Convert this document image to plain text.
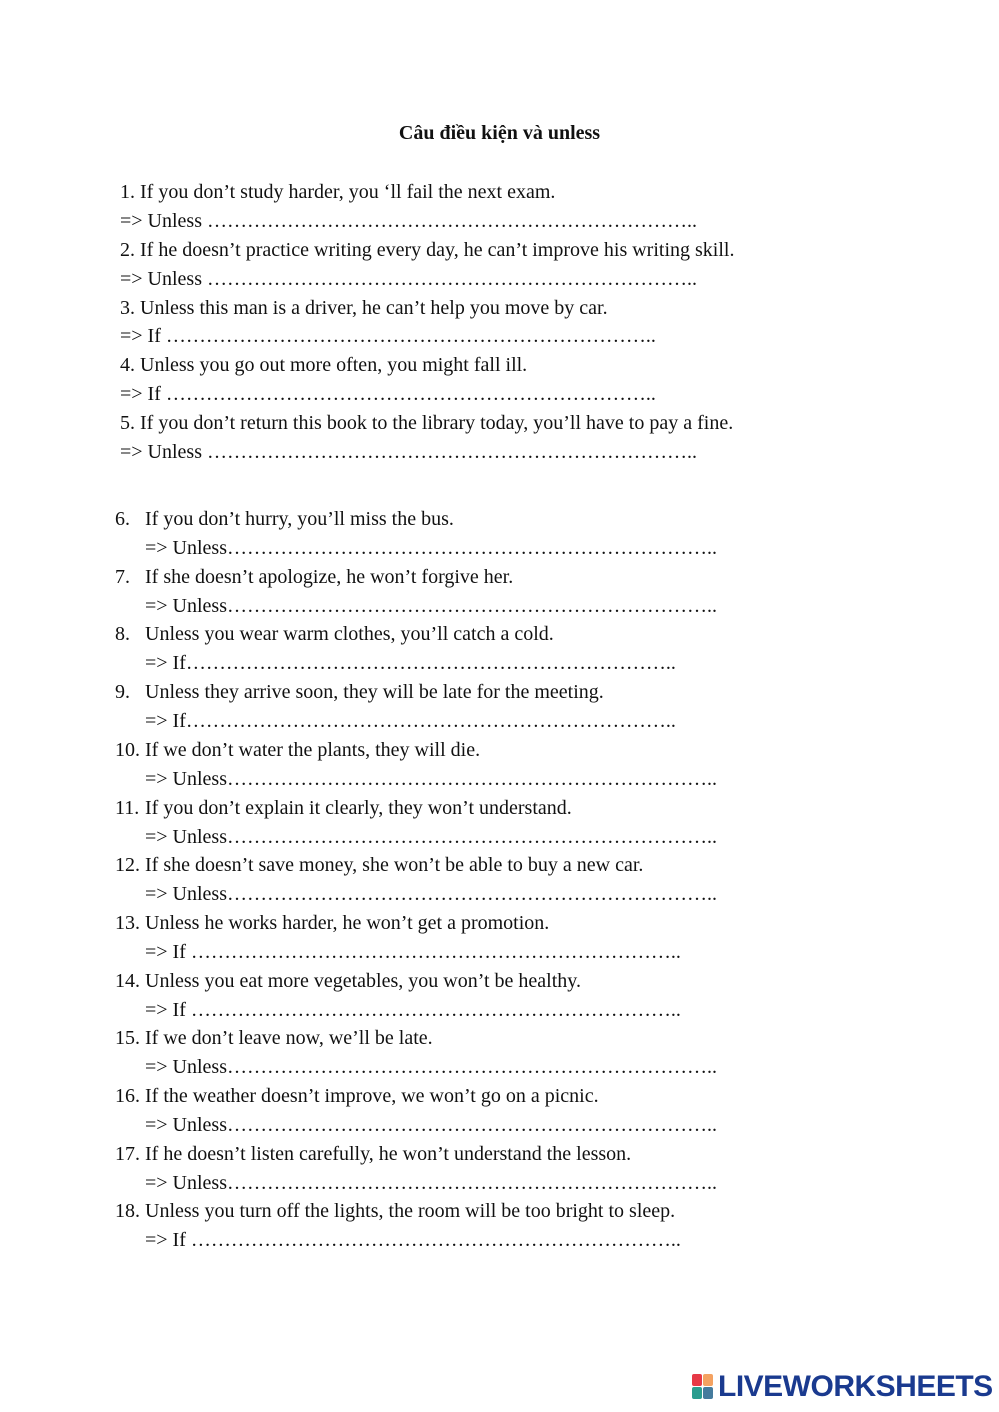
Câu điều kiện và unless
1. If you don’t study harder, you ‘ll fail the next exam.
=> Unless ………………………………………………………………..
2. If he doesn’t practice writing every day, he can’t improve his writing skill.
=> Unless ………………………………………………………………..
3. Unless this man is a driver, he can’t help you move by car.
=> If ………………………………………………………………..
4. Unless you go out more often, you might fall ill.
=> If ………………………………………………………………..
5. If you don’t return this book to the library today, you’ll have to pay a fine.
=> Unless ………………………………………………………………..
6. If you don’t hurry, you’ll miss the bus.
=> Unless………………………………………………………………..
7. If she doesn’t apologize, he won’t forgive her.
=> Unless………………………………………………………………..
8. Unless you wear warm clothes, you’ll catch a cold.
=> If………………………………………………………………..
9. Unless they arrive soon, they will be late for the meeting.
=> If………………………………………………………………..
10. If we don’t water the plants, they will die.
=> Unless………………………………………………………………..
11. If you don’t explain it clearly, they won’t understand.
=> Unless………………………………………………………………..
12. If she doesn’t save money, she won’t be able to buy a new car.
=> Unless………………………………………………………………..
13. Unless he works harder, he won’t get a promotion.
=> If ………………………………………………………………..
14. Unless you eat more vegetables, you won’t be healthy.
=> If ………………………………………………………………..
15. If we don’t leave now, we’ll be late.
=> Unless………………………………………………………………..
16. If the weather doesn’t improve, we won’t go on a picnic.
=> Unless………………………………………………………………..
17. If he doesn’t listen carefully, he won’t understand the lesson.
=> Unless………………………………………………………………..
18. Unless you turn off the lights, the room will be too bright to sleep.
=> If ………………………………………………………………..
LIVEWORKSHEETS
